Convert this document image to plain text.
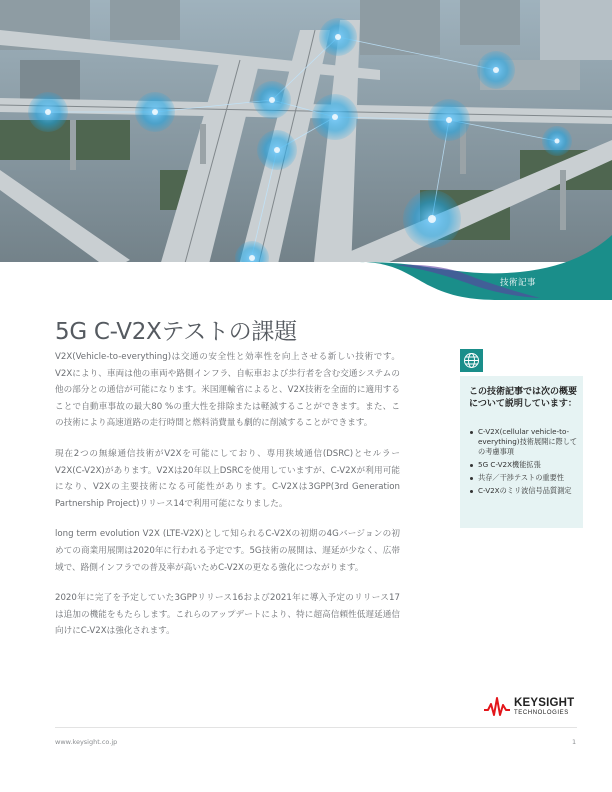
技術記事
5G C-V2Xテストの課題

V2X(Vehicle-to-everything)は交通の安全性と効率性を向上させる新しい技術です。V2Xにより、車両は他の車両や路側インフラ、自転車および歩行者を含む交通システムの他の部分との通信が可能になります。米国運輸省によると、V2X技術を全面的に適用することで自動車事故の最大80 %の重大性を排除または軽減することができます。また、この技術により高速道路の走行時間と燃料消費量も劇的に削減することができます。

現在2つの無線通信技術がV2Xを可能にしており、専用狭域通信(DSRC)とセルラーV2X(C-V2X)があります。V2Xは20年以上DSRCを使用していますが、C-V2Xが利用可能になり、V2Xの主要技術になる可能性があります。C-V2Xは3GPP(3rd Generation Partnership Project)リリース14で利用可能になりました。

long term evolution V2X (LTE-V2X)として知られるC-V2Xの初期の4Gバージョンの初めての商業用展開は2020年に行われる予定です。5G技術の展開は、遅延が少なく、広帯域で、路側インフラでの普及率が高いためC-V2Xの更なる強化につながります。

2020年に完了を予定していた3GPPリリース16および2021年に導入予定のリリース17は追加の機能をもたらします。これらのアップデートにより、特に超高信頼性低遅延通信向けにC-V2Xは強化されます。

この技術記事では次の概要について説明しています：
C-V2X(cellular vehicle-to-everything)技術展開に際しての考慮事項
5G C-V2X機能拡張
共存／干渉テストの重要性
C-V2Xのミリ波信号品質測定
KEYSIGHT
TECHNOLOGIES
www.keysight.co.jp	1
